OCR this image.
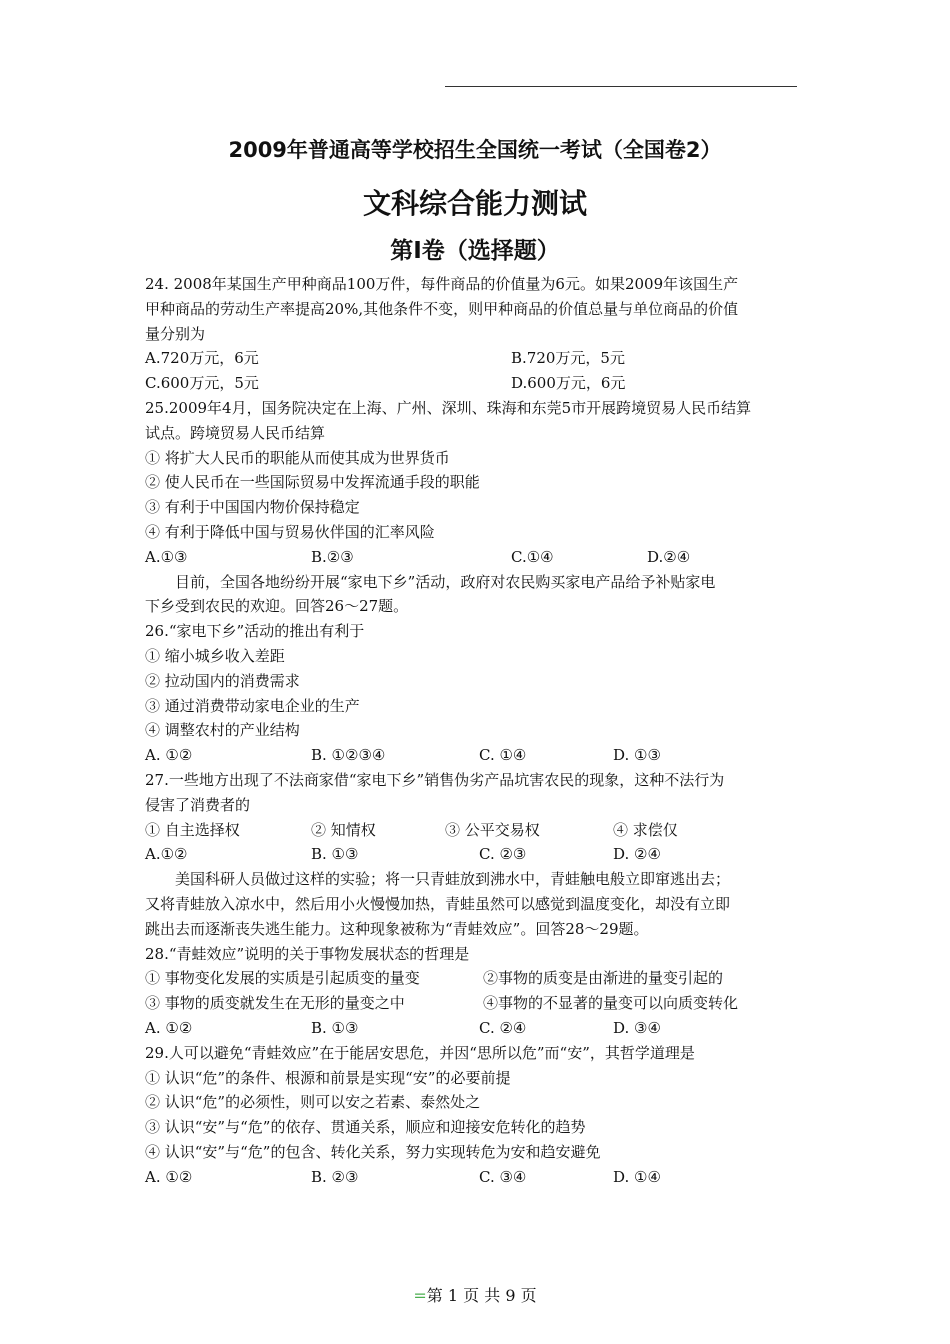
2009年普通高等学校招生全国统一考试（全国卷2）
文科综合能力测试
第Ⅰ卷（选择题）
24. 2008年某国生产甲种商品100万件，每件商品的价值量为6元。如果2009年该国生产
甲种商品的劳动生产率提高20%,其他条件不变，则甲种商品的价值总量与单位商品的价值
量分别为
A.720万元，6元	B.720万元，5元
C.600万元，5元	D.600万元，6元
25.2009年4月，国务院决定在上海、广州、深圳、珠海和东莞5市开展跨境贸易人民币结算
试点。跨境贸易人民币结算
① 将扩大人民币的职能从而使其成为世界货币
② 使人民币在一些国际贸易中发挥流通手段的职能
③ 有利于中国国内物价保持稳定
④ 有利于降低中国与贸易伙伴国的汇率风险
A.①③	B.②③	C.①④	D.②④
目前，全国各地纷纷开展“家电下乡”活动，政府对农民购买家电产品给予补贴家电
下乡受到农民的欢迎。回答26～27题。
26.“家电下乡”活动的推出有利于
① 缩小城乡收入差距
② 拉动国内的消费需求
③ 通过消费带动家电企业的生产
④ 调整农村的产业结构
A. ①②	B. ①②③④	C. ①④	D. ①③
27.一些地方出现了不法商家借“家电下乡”销售伪劣产品坑害农民的现象，这种不法行为
侵害了消费者的
① 自主选择权	② 知情权	③ 公平交易权	④ 求偿仅
A.①②	B. ①③	C. ②③	D. ②④
美国科研人员做过这样的实验；将一只青蛙放到沸水中，青蛙触电般立即窜逃出去；
又将青蛙放入凉水中，然后用小火慢慢加热，青蛙虽然可以感觉到温度变化，却没有立即
跳出去而逐渐丧失逃生能力。这种现象被称为“青蛙效应”。回答28～29题。
28.“青蛙效应”说明的关于事物发展状态的哲理是
① 事物变化发展的实质是引起质变的量变	②事物的质变是由渐进的量变引起的
③ 事物的质变就发生在无形的量变之中	④事物的不显著的量变可以向质变转化
A. ①②	B. ①③	C. ②④	D. ③④
29.人可以避免“青蛙效应”在于能居安思危，并因“思所以危”而“安”，其哲学道理是
① 认识“危”的条件、根源和前景是实现“安”的必要前提
② 认识“危”的必须性，则可以安之若素、泰然处之
③ 认识“安”与“危”的依存、贯通关系，顺应和迎接安危转化的趋势
④ 认识“安”与“危”的包含、转化关系，努力实现转危为安和趋安避免
A. ①②	B. ②③	C. ③④	D. ①④
=第 1 页 共 9 页
